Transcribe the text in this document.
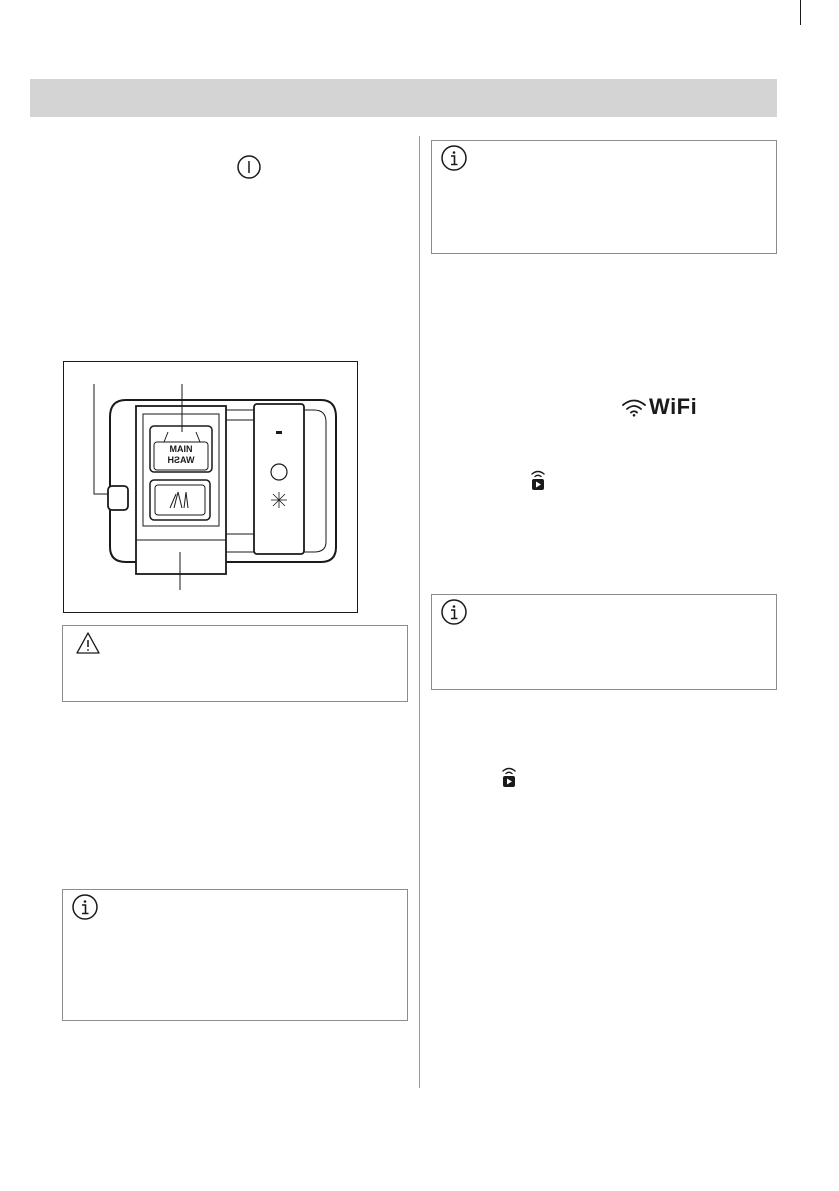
MAIN
WASH
WiFi
